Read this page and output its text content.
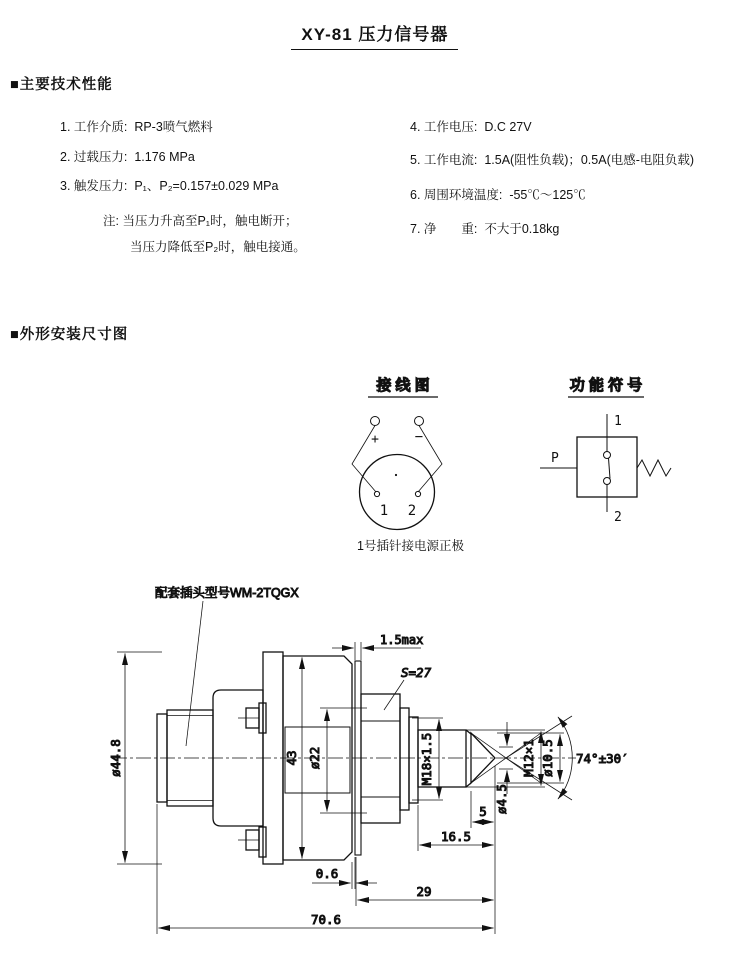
XY-81 压力信号器

■主要技术性能
1. 工作介质:  RP-3喷气燃料
2. 过载压力:  1.176 MPa
3. 触发压力:  P₁、P₂=0.157±0.029 MPa
注: 当压力升高至P₁时，触电断开；
当压力降低至P₂时，触电接通。
4. 工作电压:  D.C 27V
5. 工作电流:  1.5A(阻性负载)；0.5A(电感-电阻负载)
6. 周围环境温度:  -55℃～125℃
7. 净　　重:  不大于0.18kg
■外形安装尺寸图
接 线 图
+	−
1 2
1号插针接电源正极
功 能 符 号
1
2
P
配套插头型号WM-2TQGX
ø44.8	43 ø22
1.5max
S=27
M18×1.5	M12×1 ø10.5
ø4.5
74°±30′
5
16.5
0.6
29
70.6
